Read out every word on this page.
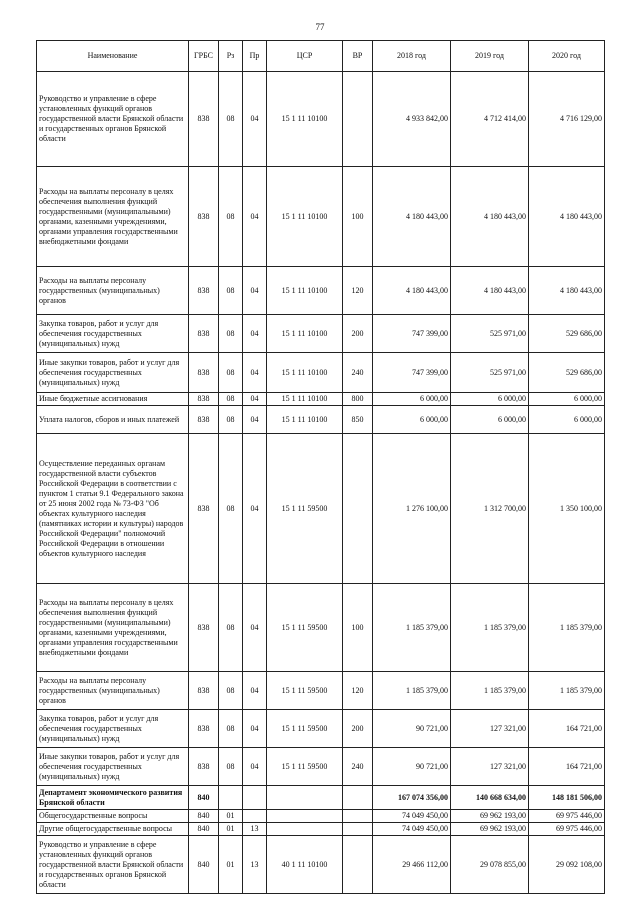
77
Наименование	ГРБС	Рз	Пр	ЦСР	ВР	2018 год	2019 год	2020 год
Руководство и управление в сфере установленных функций органов государственной власти Брянской области и государственных органов Брянской области	838	08	04	15 1 11 10100		4 933 842,00	4 712 414,00	4 716 129,00
Расходы на выплаты персоналу в целях обеспечения выполнения функций государственными (муниципальными) органами, казенными учреждениями, органами управления государственными внебюджетными фондами	838	08	04	15 1 11 10100	100	4 180 443,00	4 180 443,00	4 180 443,00
Расходы на выплаты персоналу государственных (муниципальных) органов	838	08	04	15 1 11 10100	120	4 180 443,00	4 180 443,00	4 180 443,00
Закупка товаров, работ и услуг для обеспечения государственных (муниципальных) нужд	838	08	04	15 1 11 10100	200	747 399,00	525 971,00	529 686,00
Иные закупки товаров, работ и услуг для обеспечения государственных (муниципальных) нужд	838	08	04	15 1 11 10100	240	747 399,00	525 971,00	529 686,00
Иные бюджетные ассигнования	838	08	04	15 1 11 10100	800	6 000,00	6 000,00	6 000,00
Уплата налогов, сборов и иных платежей	838	08	04	15 1 11 10100	850	6 000,00	6 000,00	6 000,00
Осуществление переданных органам государственной власти субъектов Российской Федерации в соответствии с пунктом 1 статьи 9.1 Федерального закона от 25 июня 2002 года № 73-ФЗ "Об объектах культурного наследия (памятниках истории и культуры) народов Российской Федерации" полномочий Российской Федерации в отношении объектов культурного наследия	838	08	04	15 1 11 59500		1 276 100,00	1 312 700,00	1 350 100,00
Расходы на выплаты персоналу в целях обеспечения выполнения функций государственными (муниципальными) органами, казенными учреждениями, органами управления государственными внебюджетными фондами	838	08	04	15 1 11 59500	100	1 185 379,00	1 185 379,00	1 185 379,00
Расходы на выплаты персоналу государственных (муниципальных) органов	838	08	04	15 1 11 59500	120	1 185 379,00	1 185 379,00	1 185 379,00
Закупка товаров, работ и услуг для обеспечения государственных (муниципальных) нужд	838	08	04	15 1 11 59500	200	90 721,00	127 321,00	164 721,00
Иные закупки товаров, работ и услуг для обеспечения государственных (муниципальных) нужд	838	08	04	15 1 11 59500	240	90 721,00	127 321,00	164 721,00
Департамент экономического развития Брянской области	840					167 074 356,00	140 668 634,00	148 181 506,00
Общегосударственные вопросы	840	01				74 049 450,00	69 962 193,00	69 975 446,00
Другие общегосударственные вопросы	840	01	13			74 049 450,00	69 962 193,00	69 975 446,00
Руководство и управление в сфере установленных функций органов государственной власти Брянской области и государственных органов Брянской области	840	01	13	40 1 11 10100		29 466 112,00	29 078 855,00	29 092 108,00
